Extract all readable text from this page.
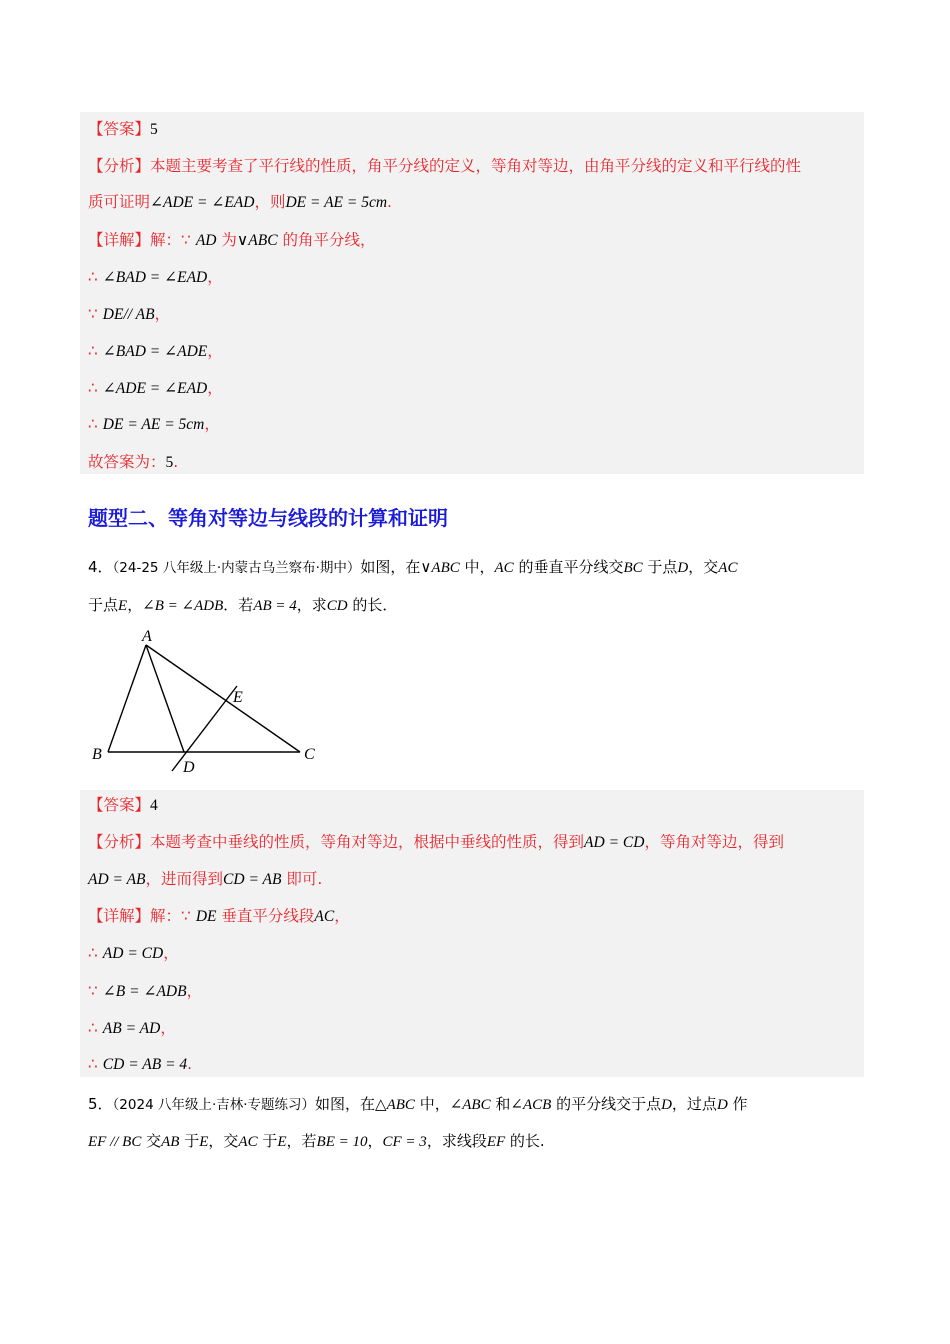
【答案】5
【分析】本题主要考查了平行线的性质，角平分线的定义，等角对等边，由角平分线的定义和平行线的性
质可证明∠ADE = ∠EAD，则DE = AE = 5cm.
【详解】解：∵ AD 为∨ABC 的角平分线，
∴ ∠BAD = ∠EAD，
∵ DE// AB，
∴ ∠BAD = ∠ADE，
∴ ∠ADE = ∠EAD，
∴ DE = AE = 5cm，
故答案为：5.
题型二、等角对等边与线段的计算和证明
4．（24-25 八年级上·内蒙古乌兰察布·期中）如图，在∨ABC 中，AC 的垂直平分线交BC 于点D，交AC
于点E，∠B = ∠ADB．若AB = 4，求CD 的长．
A
B	C
D
E
【答案】4
【分析】本题考查中垂线的性质，等角对等边，根据中垂线的性质，得到AD = CD，等角对等边，得到
AD = AB，进而得到CD = AB 即可.
【详解】解：∵ DE 垂直平分线段AC，
∴ AD = CD，
∵ ∠B = ∠ADB，
∴ AB = AD，
∴ CD = AB = 4.
5．（2024 八年级上·吉林·专题练习）如图，在△ABC 中，∠ABC 和∠ACB 的平分线交于点D，过点D 作
EF // BC 交AB 于E，交AC 于E，若BE = 10，CF = 3，求线段EF 的长.
